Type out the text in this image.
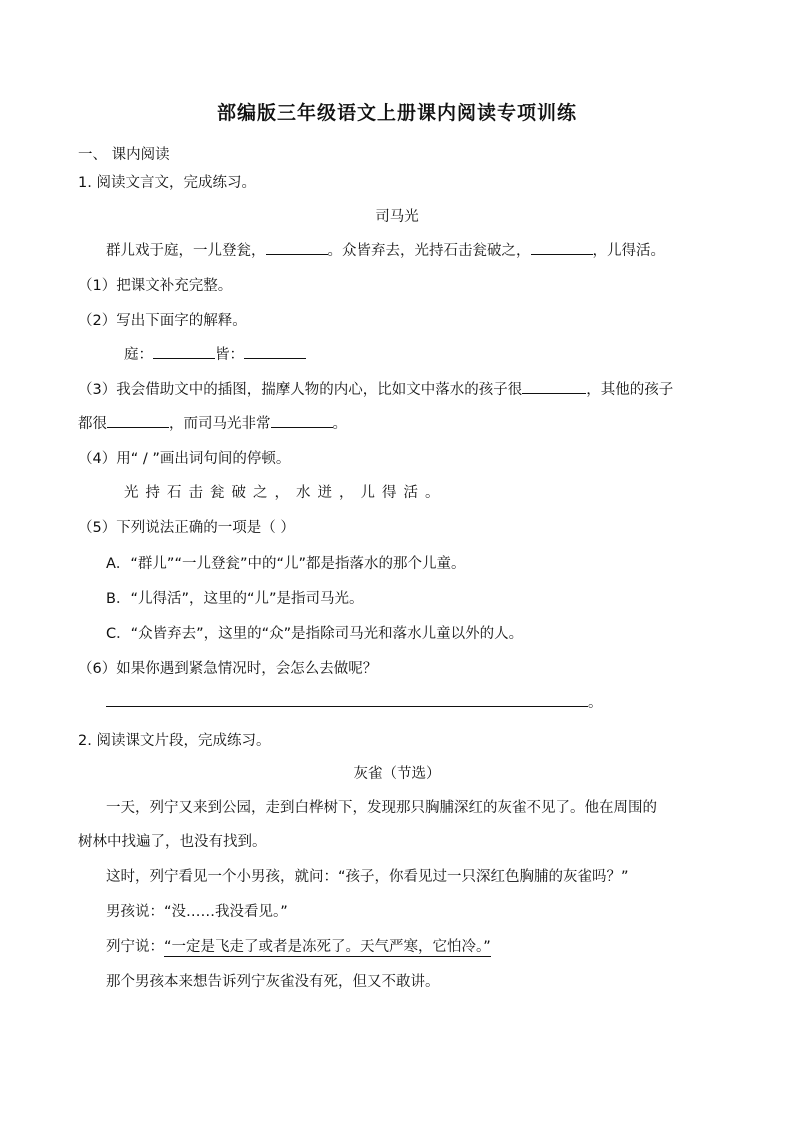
部编版三年级语文上册课内阅读专项训练
一、 课内阅读
1. 阅读文言文，完成练习。
司马光
群儿戏于庭，一儿登瓮，	。众皆弃去，光持石击瓮破之，	，儿得活。
（1）把课文补充完整。
（2）写出下面字的解释。
庭：	皆：
（3）我会借助文中的插图，揣摩人物的内心，比如文中落水的孩子很	，其他的孩子
都很	，而司马光非常	。
（4）用“ / ”画出词句间的停顿。
光持石击瓮破之，水迸，儿得活。
（5）下列说法正确的一项是（ ）
A．“群儿”“一儿登瓮”中的“儿”都是指落水的那个儿童。
B．“儿得活”，这里的“儿”是指司马光。
C．“众皆弃去”，这里的“众”是指除司马光和落水儿童以外的人。
（6）如果你遇到紧急情况时，会怎么去做呢？
。
2. 阅读课文片段，完成练习。
灰雀（节选）
一天，列宁又来到公园，走到白桦树下，发现那只胸脯深红的灰雀不见了。他在周围的
树林中找遍了，也没有找到。
这时，列宁看见一个小男孩，就问：“孩子，你看见过一只深红色胸脯的灰雀吗？”
男孩说：“没……我没看见。”
列宁说：“一定是飞走了或者是冻死了。天气严寒，它怕冷。”
那个男孩本来想告诉列宁灰雀没有死，但又不敢讲。
